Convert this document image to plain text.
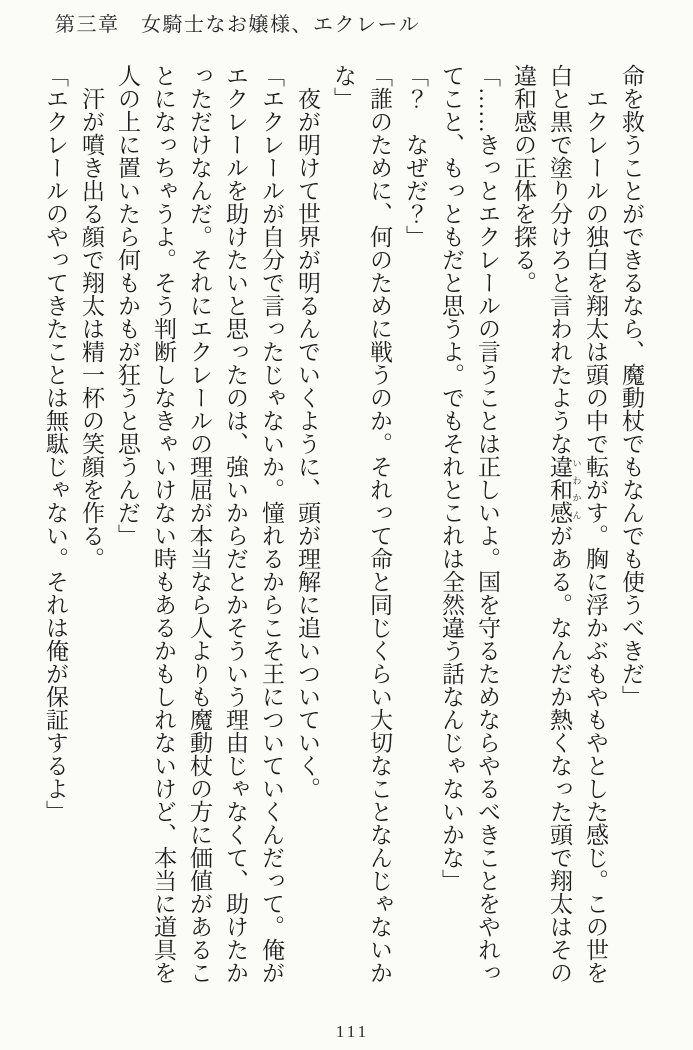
第三章　女騎士なお嬢様、エクレール

命を救うことができるなら、魔動杖でもなんでも使うべきだ」

エクレールの独白を翔太は頭の中で転がす。胸に浮かぶもやもやとした感じ。この世を白と黒で塗り分けろと言われたような違和感 いわかんがある。なんだか熱くなった頭で翔太はその違和感の正体を探る。

「……きっとエクレールの言うことは正しいよ。国を守るためならやるべきことをやれってこと、もっともだと思うよ。でもそれとこれは全然違う話なんじゃないかな」

「？　なぜだ？」

「誰のために、何のために戦うのか。それって命と同じくらい大切なことなんじゃないかな」

夜が明けて世界が明るんでいくように、頭が理解に追いついていく。

「エクレールが自分で言ったじゃないか。憧れるからこそ王についていくんだって。俺がエクレールを助けたいと思ったのは、強いからだとかそういう理由じゃなくて、助けたかっただけなんだ。それにエクレールの理屈が本当なら人よりも魔動杖の方に価値があることになっちゃうよ。そう判断しなきゃいけない時もあるかもしれないけど、本当に道具を人の上に置いたら何もかもが狂うと思うんだ」

汗が噴き出る顔で翔太は精一杯の笑顔を作る。

「エクレールのやってきたことは無駄じゃない。それは俺が保証するよ」

111
